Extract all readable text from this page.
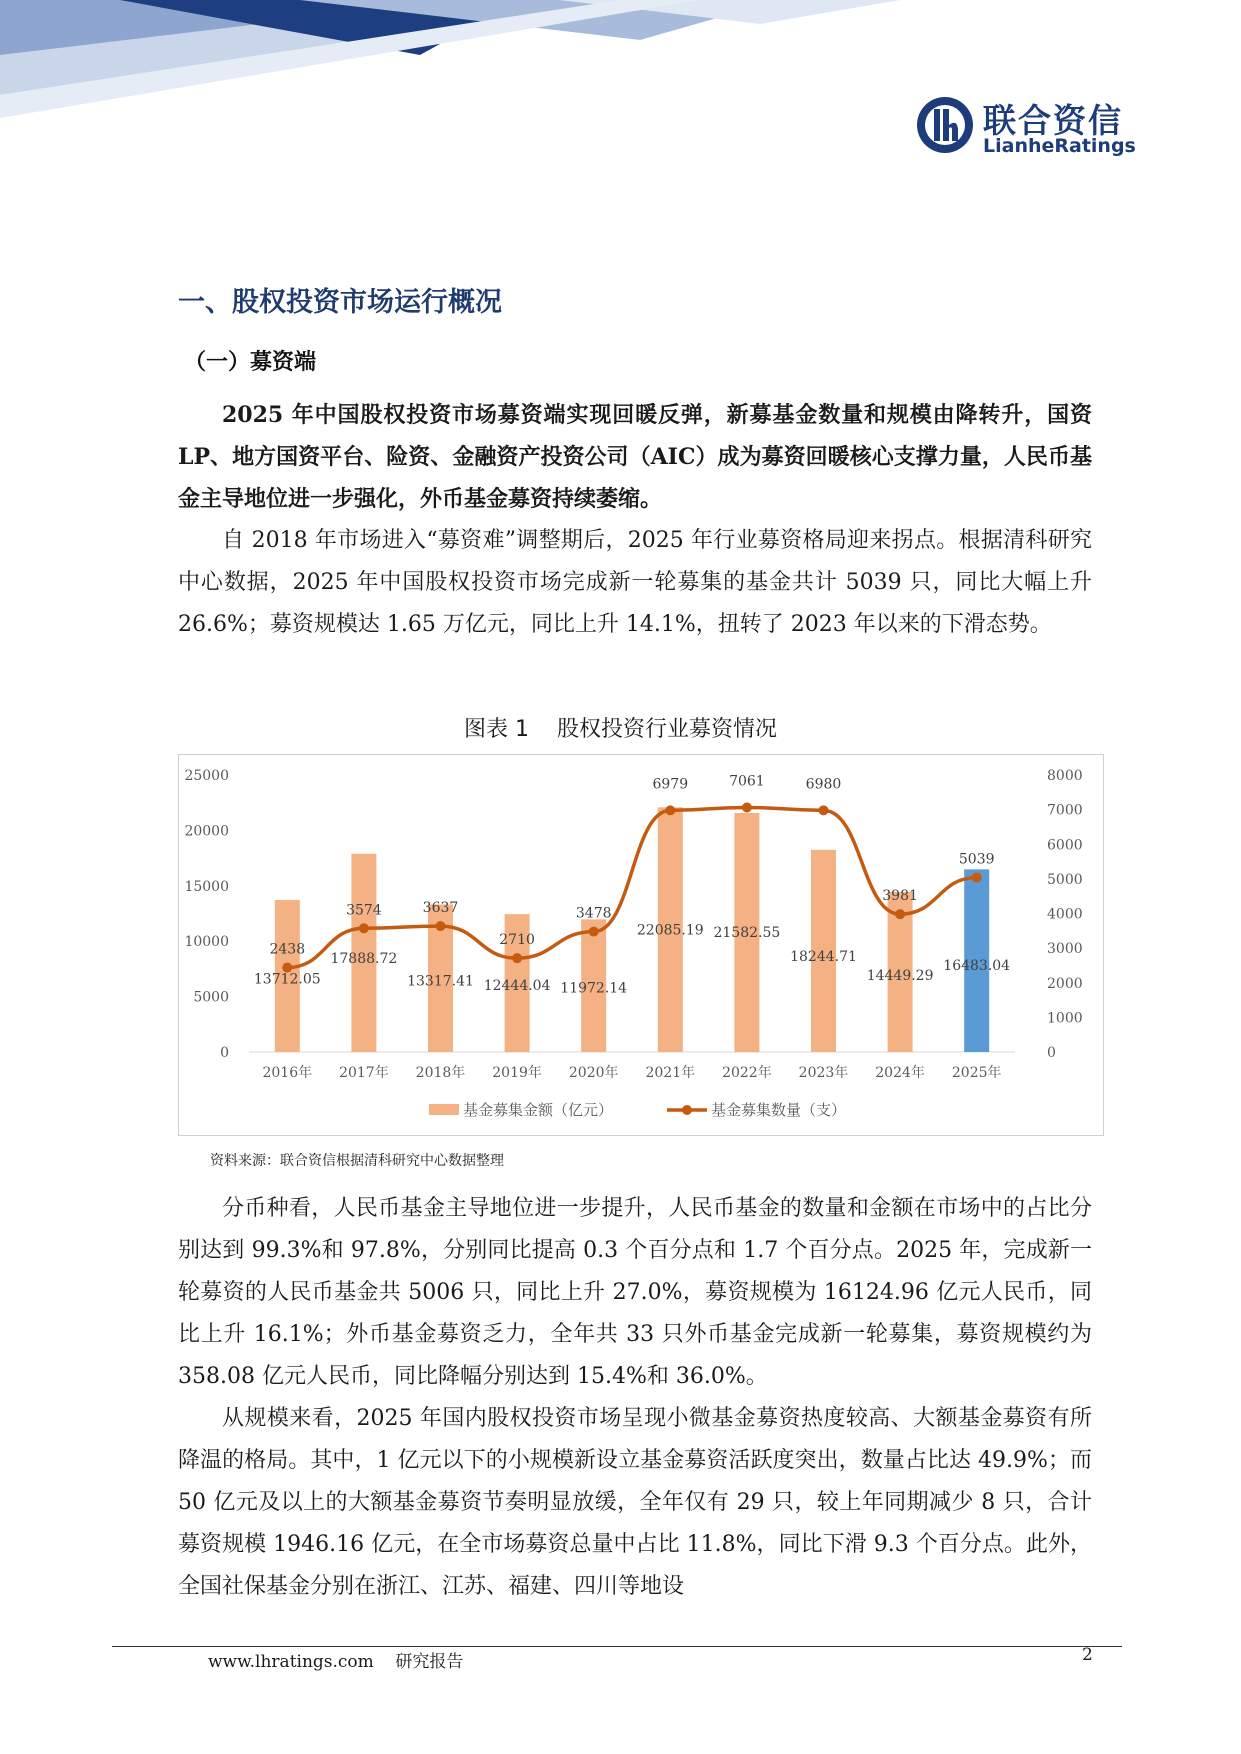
联合资信
LianheRatings
一、股权投资市场运行概况
（一）募资端

2025 年中国股权投资市场募资端实现回暖反弹，新募基金数量和规模由降转升，国资 LP、地方国资平台、险资、金融资产投资公司（AIC）成为募资回暖核心支撑力量，人民币基金主导地位进一步强化，外币基金募资持续萎缩。

自 2018 年市场进入“募资难”调整期后，2025 年行业募资格局迎来拐点。根据清科研究中心数据，2025 年中国股权投资市场完成新一轮募集的基金共计 5039 只，同比大幅上升 26.6%；募资规模达 1.65 万亿元，同比上升 14.1%，扭转了 2023 年以来的下滑态势。

图表 1    股权投资行业募资情况
0
5000
10000
15000
20000
25000
0
1000
2000
3000
4000
5000
6000
7000
8000
2016年 2017年 2018年 2019年 2020年 2021年 2022年 2023年 2024年 2025年
13712.05
17888.72
13317.41 12444.04 11972.14
22085.19 21582.55
18244.71
14449.29
16483.04
2438
3574	3637
2710
3478
6979	7061	6980
3981
5039
基金募集金额（亿元）	基金募集数量（支）
资料来源：联合资信根据清科研究中心数据整理

分币种看，人民币基金主导地位进一步提升，人民币基金的数量和金额在市场中的占比分别达到 99.3%和 97.8%，分别同比提高 0.3 个百分点和 1.7 个百分点。2025 年，完成新一轮募资的人民币基金共 5006 只，同比上升 27.0%，募资规模为 16124.96 亿元人民币，同比上升 16.1%；外币基金募资乏力，全年共 33 只外币基金完成新一轮募集，募资规模约为 358.08 亿元人民币，同比降幅分别达到 15.4%和 36.0%。

从规模来看，2025 年国内股权投资市场呈现小微基金募资热度较高、大额基金募资有所降温的格局。其中，1 亿元以下的小规模新设立基金募资活跃度突出，数量占比达 49.9%；而 50 亿元及以上的大额基金募资节奏明显放缓，全年仅有 29 只，较上年同期减少 8 只，合计募资规模 1946.16 亿元，在全市场募资总量中占比 11.8%，同比下滑 9.3 个百分点。此外，全国社保基金分别在浙江、江苏、福建、四川等地设

www.lhratings.com    研究报告	2
